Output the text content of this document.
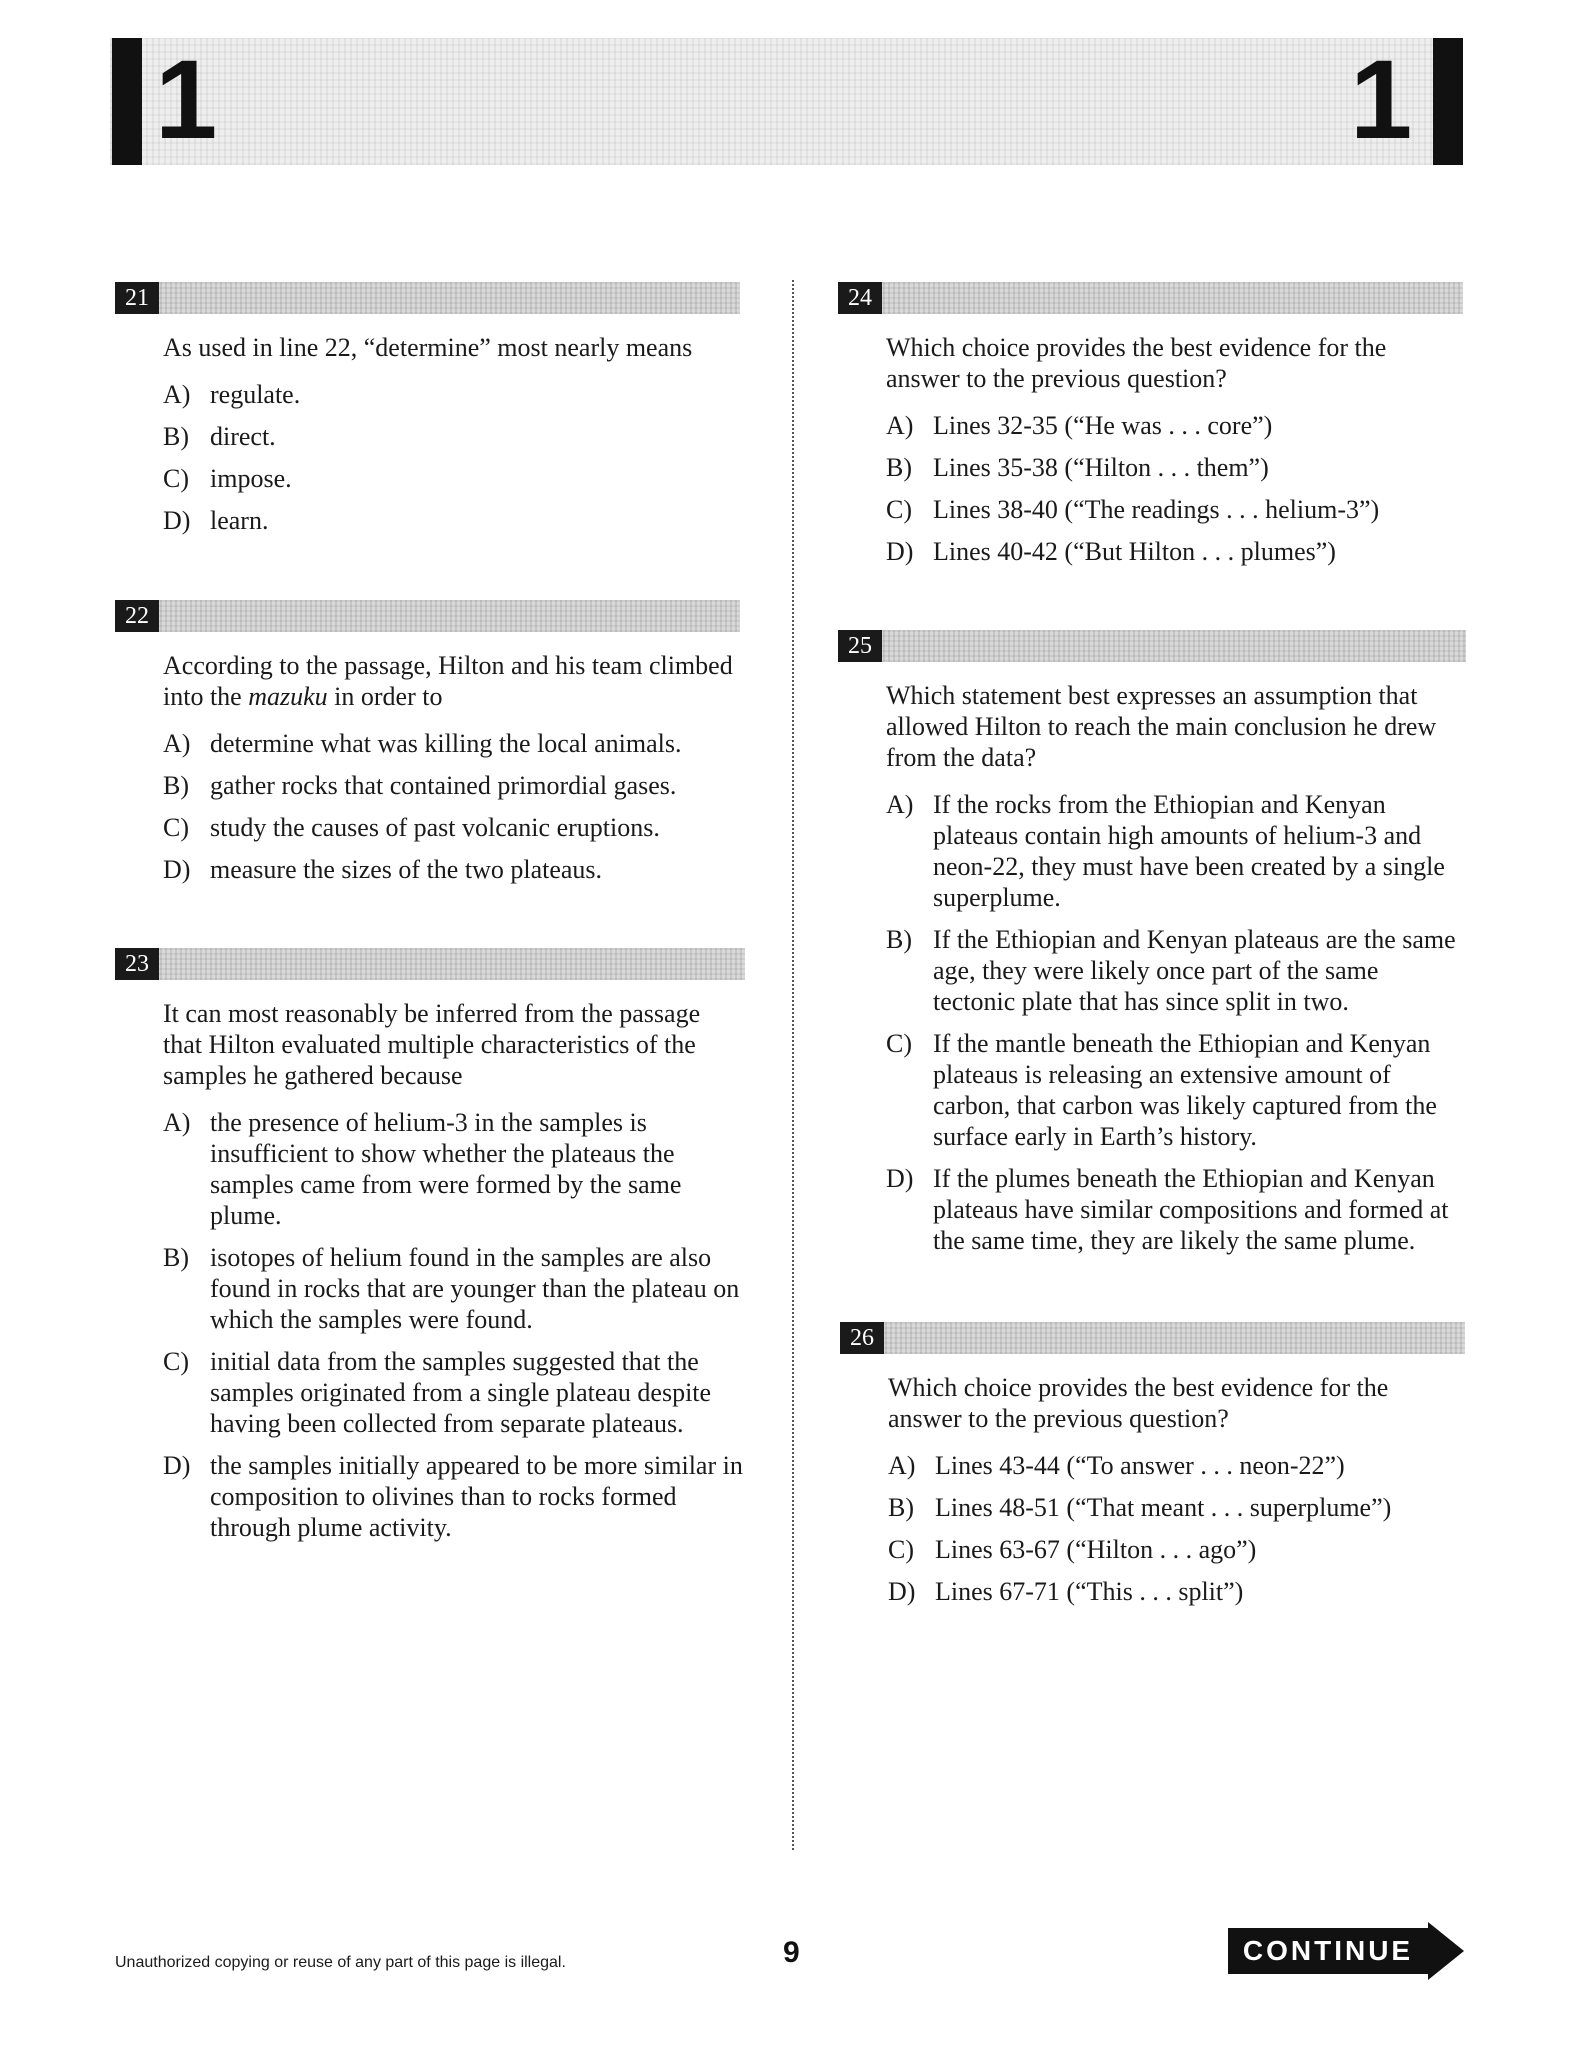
1	1
21
As used in line 22, “determine” most nearly means
A) regulate.
B) direct.
C) impose.
D) learn.
22
According to the passage, Hilton and his team climbed into the mazuku in order to
A) determine what was killing the local animals.
B) gather rocks that contained primordial gases.
C) study the causes of past volcanic eruptions.
D) measure the sizes of the two plateaus.
23
It can most reasonably be inferred from the passage that Hilton evaluated multiple characteristics of the samples he gathered because
A) the presence of helium-3 in the samples is insufficient to show whether the plateaus the samples came from were formed by the same plume.
B) isotopes of helium found in the samples are also found in rocks that are younger than the plateau on which the samples were found.
C) initial data from the samples suggested that the samples originated from a single plateau despite having been collected from separate plateaus.
D) the samples initially appeared to be more similar in composition to olivines than to rocks formed through plume activity.
24
Which choice provides the best evidence for the answer to the previous question?
A) Lines 32-35 (“He was . . . core”)
B) Lines 35-38 (“Hilton . . . them”)
C) Lines 38-40 (“The readings . . . helium-3”)
D) Lines 40-42 (“But Hilton . . . plumes”)
25
Which statement best expresses an assumption that allowed Hilton to reach the main conclusion he drew from the data?
A) If the rocks from the Ethiopian and Kenyan plateaus contain high amounts of helium-3 and neon-22, they must have been created by a single superplume.
B) If the Ethiopian and Kenyan plateaus are the same age, they were likely once part of the same tectonic plate that has since split in two.
C) If the mantle beneath the Ethiopian and Kenyan plateaus is releasing an extensive amount of carbon, that carbon was likely captured from the surface early in Earth’s history.
D) If the plumes beneath the Ethiopian and Kenyan plateaus have similar compositions and formed at the same time, they are likely the same plume.
26
Which choice provides the best evidence for the answer to the previous question?
A) Lines 43-44 (“To answer . . . neon-22”)
B) Lines 48-51 (“That meant . . . superplume”)
C) Lines 63-67 (“Hilton . . . ago”)
D) Lines 67-71 (“This . . . split”)
Unauthorized copying or reuse of any part of this page is illegal.	9	CONTINUE
